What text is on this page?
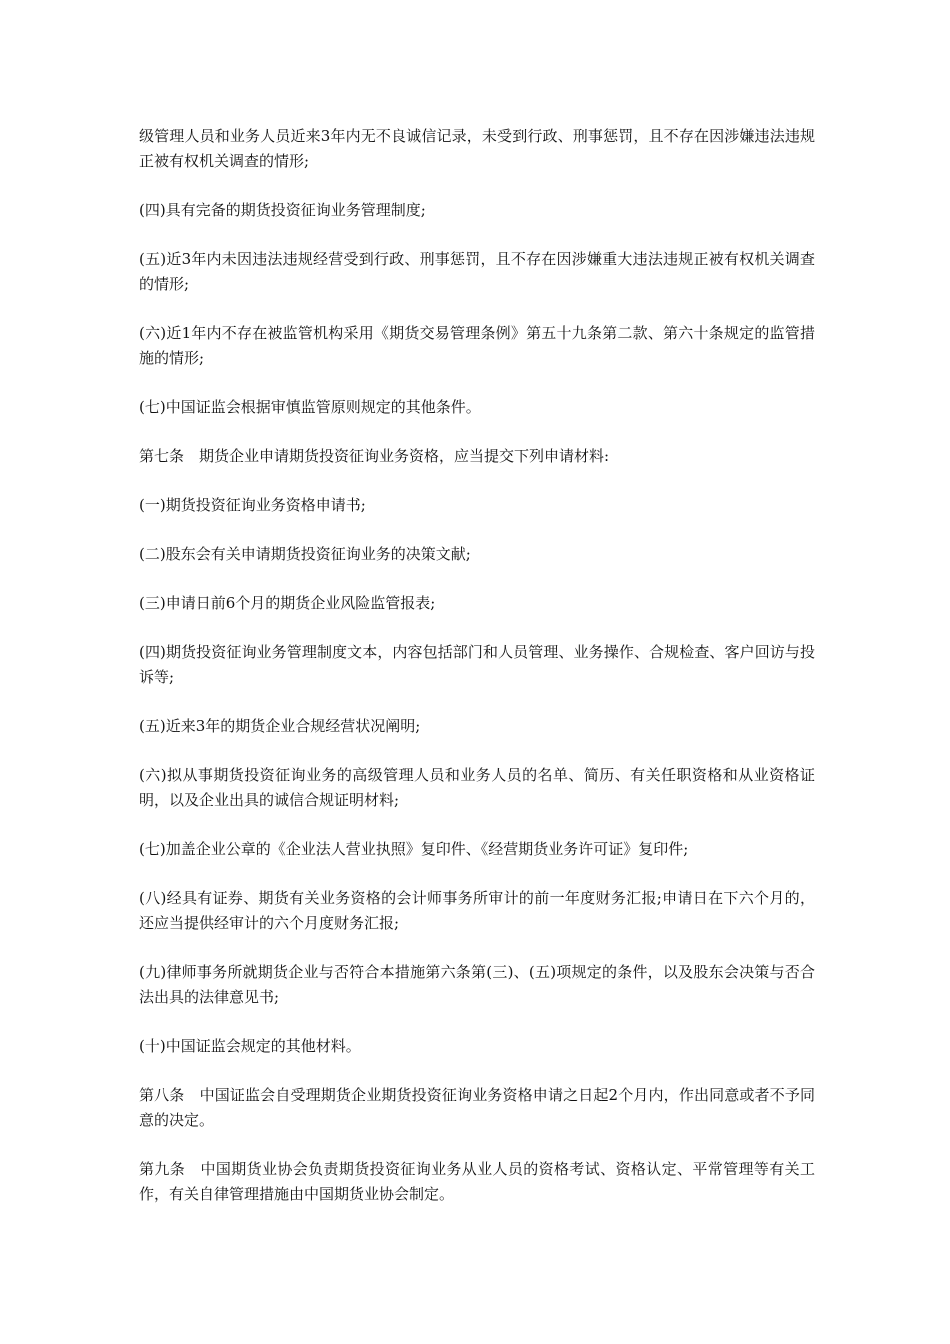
级管理人员和业务人员近来3年内无不良诚信记录，未受到行政、刑事惩罚，且不存在因涉嫌违法违规正被有权机关调查的情形;

(四)具有完备的期货投资征询业务管理制度;

(五)近3年内未因违法违规经营受到行政、刑事惩罚，且不存在因涉嫌重大违法违规正被有权机关调查的情形;

(六)近1年内不存在被监管机构采用《期货交易管理条例》第五十九条第二款、第六十条规定的监管措施的情形;

(七)中国证监会根据审慎监管原则规定的其他条件。

第七条　期货企业申请期货投资征询业务资格，应当提交下列申请材料:

(一)期货投资征询业务资格申请书;

(二)股东会有关申请期货投资征询业务的决策文献;

(三)申请日前6个月的期货企业风险监管报表;

(四)期货投资征询业务管理制度文本，内容包括部门和人员管理、业务操作、合规检查、客户回访与投诉等;

(五)近来3年的期货企业合规经营状况阐明;

(六)拟从事期货投资征询业务的高级管理人员和业务人员的名单、简历、有关任职资格和从业资格证明，以及企业出具的诚信合规证明材料;

(七)加盖企业公章的《企业法人营业执照》复印件、《经营期货业务许可证》复印件;

(八)经具有证券、期货有关业务资格的会计师事务所审计的前一年度财务汇报;申请日在下六个月的，还应当提供经审计的六个月度财务汇报;

(九)律师事务所就期货企业与否符合本措施第六条第(三)、(五)项规定的条件，以及股东会决策与否合法出具的法律意见书;

(十)中国证监会规定的其他材料。

第八条　中国证监会自受理期货企业期货投资征询业务资格申请之日起2个月内，作出同意或者不予同意的决定。

第九条　中国期货业协会负责期货投资征询业务从业人员的资格考试、资格认定、平常管理等有关工作，有关自律管理措施由中国期货业协会制定。
